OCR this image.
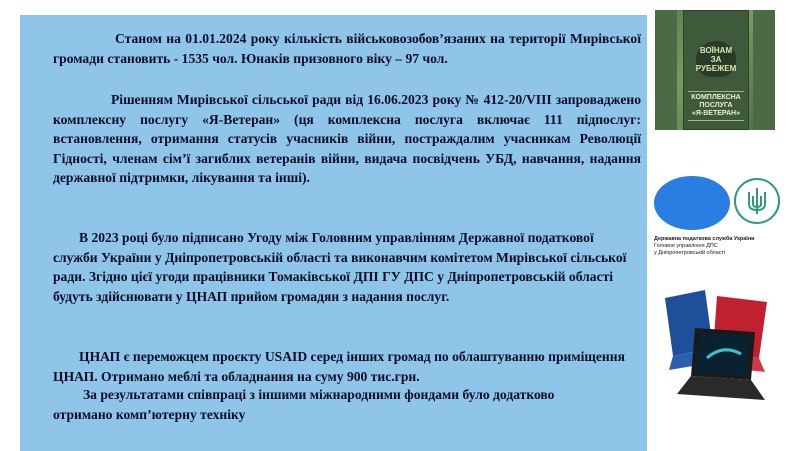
Станом на 01.01.2024 року кількість військовозобов’язаних на території Мирівської громади становить - 1535 чол. Юнаків призовного віку – 97 чол.

Рішенням Мирівської сільської ради від 16.06.2023 року № 412-20/VIII запроваджено комплексну послугу «Я-Ветеран» (ця комплексна послуга включає 111 підпослуг: встановлення, отримання статусів учасників війни, постраждалим учасникам Революції Гідності, членам сім’ї загиблих ветеранів війни, видача посвідчень УБД, навчання, надання державної підтримки, лікування та інші).

В 2023 році було підписано Угоду між Головним управлінням Державної податкової служби України у Дніпропетровській області та виконавчим комітетом Мирівської сільської ради. Згідно цієї угоди працівники Томаківської ДПІ ГУ ДПС у Дніпропетровській області будуть здійснювати у ЦНАП прийом громадян з надання послуг.

ЦНАП є переможцем проєкту USAID серед інших громад по облаштуванню приміщення ЦНАП. Отримано меблі та обладнання на суму 900 тис.грн.

За результатами співпраці з іншими міжнародними фондами було додатково отримано комп’ютерну техніку

ВОЇНАМ
ЗА РУБЕЖЕМ
КОМПЛЕКСНА ПОСЛУГА
«Я-ВЕТЕРАН»
Державна податкова служба України
Головне управління ДПС
у Дніпропетровській області
